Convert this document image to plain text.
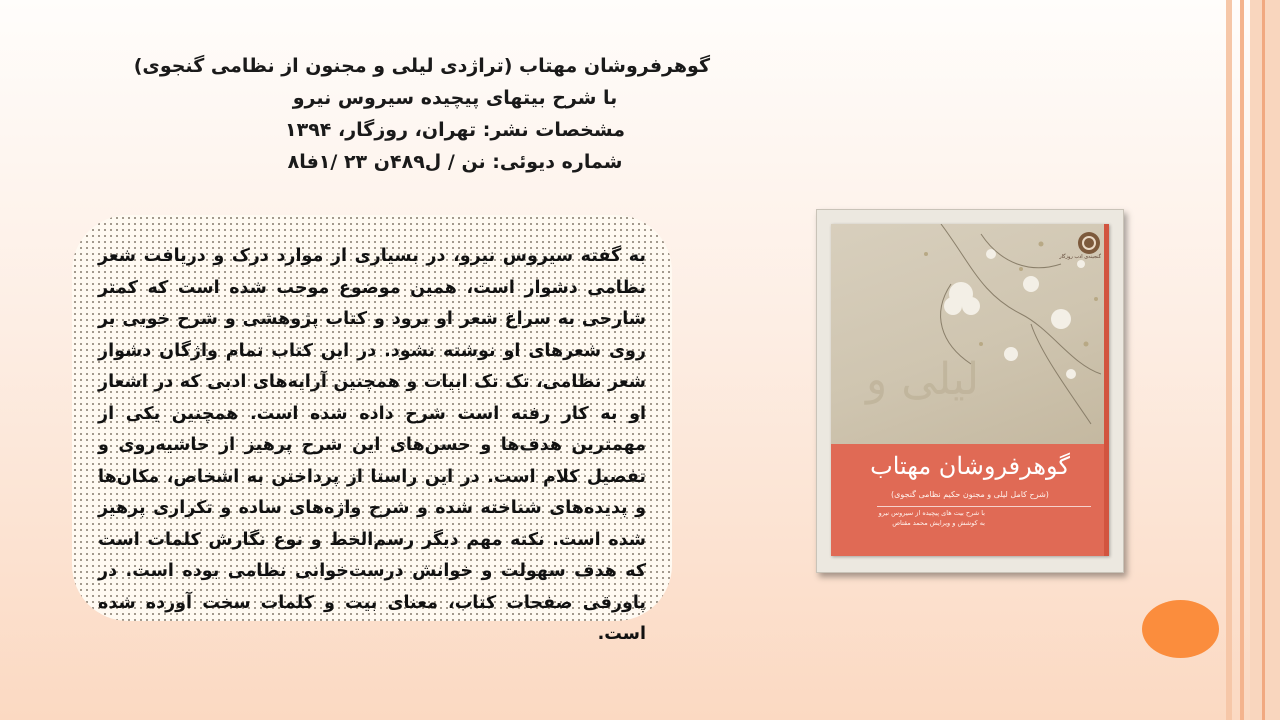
گوهرفروشان مهتاب (تراژدی لیلی و مجنون از نظامی گنجوی)
با شرح بیتهای پیچیده سیروس نیرو
مشخصات نشر: تهران، روزگار، ۱۳۹۴
شماره دیوئی: ‏‫نن / ل۴۸۹ن ۲۳ /۱فا۸
به گفته سیروس نیرو، در بسیاری از موارد درک و دریافت شعر نظامی دشوار است، همین موضوع موجب شده است که کمتر شارحی به سراغ شعر او برود و کتاب پژوهشی و شرح خوبی بر روی شعرهای او نوشته نشود. در این کتاب تمام واژگان دشوار شعر نظامی، تک تک ابیات و همچنین آرایه‌های ادبی که در اشعار او به کار رفته است شرح داده شده است. همچنین یکی از مهمترین هدف‌ها و حسن‌های این شرح پرهیز از حاشیه‌روی و تفصیل کلام است. در این راستا از پرداختن به اشخاص، مکان‌ها و پدیده‌های شناخته شده و شرح واژه‌های ساده و تکراری پرهیز شده است. نکته مهم دیگر رسم‌الخط و نوع نگارش کلمات است که هدف سهولت و خوانش درست‌خوانی نظامی بوده است. در پاورقی صفحات کتاب، معنای بیت و کلمات سخت آورده شده است.
لیلی و
گنجینه‌ی ادب روزگار
گوهرفروشان مهتاب
(شرح کامل لیلی و مجنون حکیم نظامی گنجوی)
با شرح بیت های پیچیده از سیروس نیرو
به کوشش و ویرایش محمد مقتاص
